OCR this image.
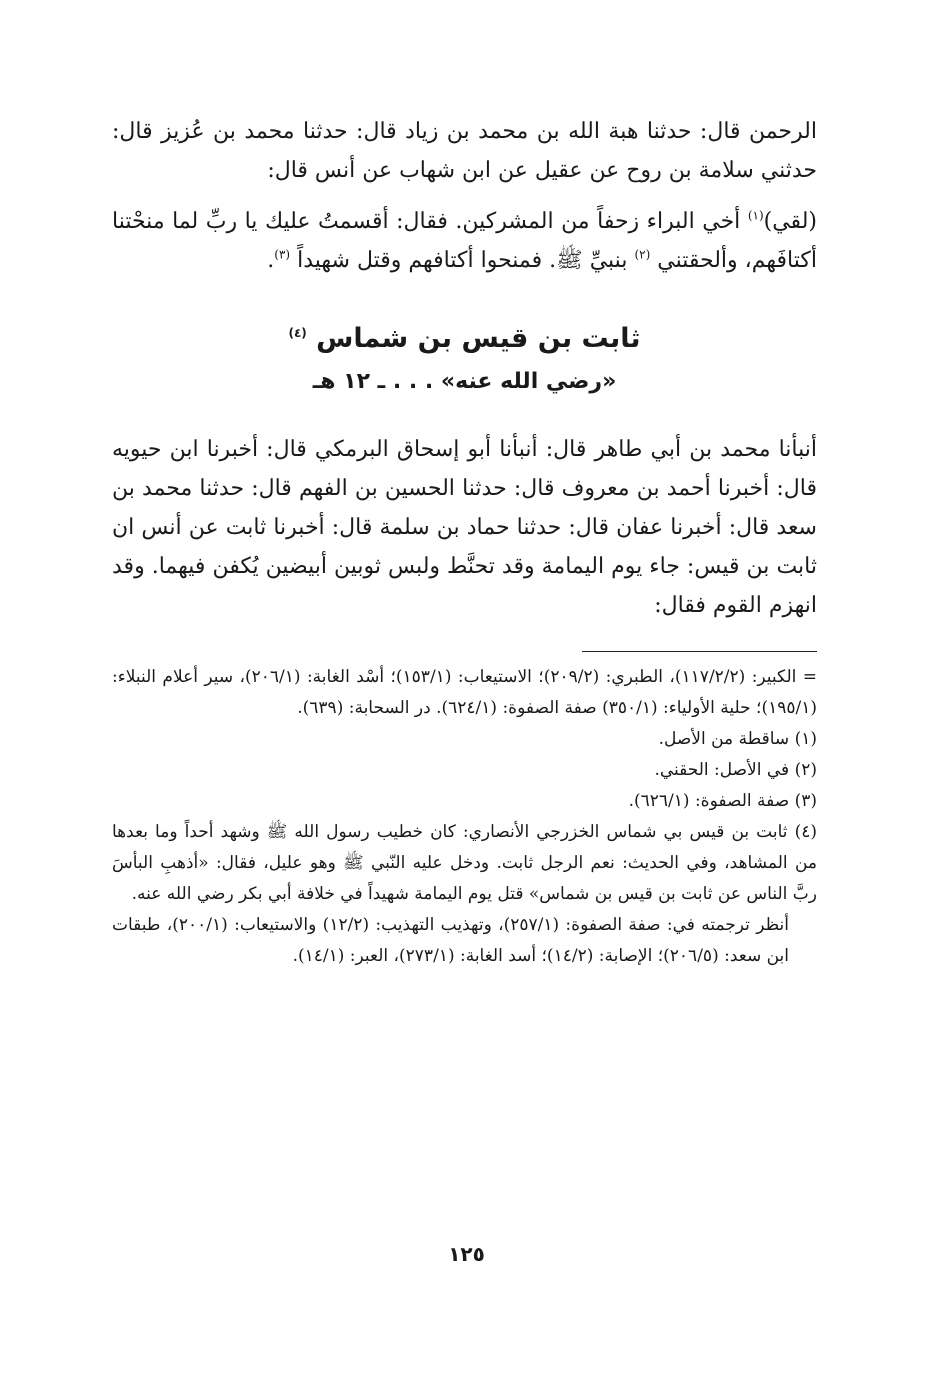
الرحمن قال: حدثنا هبة الله بن محمد بن زياد قال: حدثنا محمد بن عُزيز قال: حدثني سلامة بن روح عن عقيل عن ابن شهاب عن أنس قال:

(لقي)$^{(١)}$ أخي البراء زحفاً من المشركين. فقال: أقسمتُ عليك يا ربِّ لما منحْتنا أكتافَهم، وألحقتني $^{(٢)}$ بنبيِّ ﷺ. فمنحوا أكتافهم وقتل شهيداً $^{(٣)}$.

ثابت بن قيس بن شماس $^{(٤)}$
«رضي الله عنه» . . . ـ ١٢ هـ

أنبأنا محمد بن أبي طاهر قال: أنبأنا أبو إسحاق البرمكي قال: أخبرنا ابن حيويه قال: أخبرنا أحمد بن معروف قال: حدثنا الحسين بن الفهم قال: حدثنا محمد بن سعد قال: أخبرنا عفان قال: حدثنا حماد بن سلمة قال: أخبرنا ثابت عن أنس ان ثابت بن قيس: جاء يوم اليمامة وقد تحنَّط ولبس ثوبين أبيضين يُكفن فيهما. وقد انهزم القوم فقال:

= الكبير: (١١٧/٢/٢)، الطبري: (٢٠٩/٢)؛ الاستيعاب: (١٥٣/١)؛ أسْد الغابة: (٢٠٦/١)، سير أعلام النبلاء: (١٩٥/١)؛ حلية الأولياء: (٣٥٠/١) صفة الصفوة: (٦٢٤/١). در السحابة: (٦٣٩).

(١) ساقطة من الأصل.

(٢) في الأصل: الحقني.

(٣) صفة الصفوة: (٦٢٦/١).

(٤) ثابت بن قيس بي شماس الخزرجي الأنصاري: كان خطيب رسول الله ﷺ وشهد أحداً وما بعدها من المشاهد، وفي الحديث: نعم الرجل ثابت. ودخل عليه النّبي ﷺ وهو عليل، فقال: «أذهبِ البأسَ ربَّ الناس عن ثابت بن قيس بن شماس» قتل يوم اليمامة شهيداً في خلافة أبي بكر رضي الله عنه.

أنظر ترجمته في: صفة الصفوة: (٢٥٧/١)، وتهذيب التهذيب: (١٢/٢) والاستيعاب: (٢٠٠/١)، طبقات ابن سعد: (٢٠٦/٥)؛ الإصابة: (١٤/٢)؛ أسد الغابة: (٢٧٣/١)، العبر: (١٤/١).

١٢٥
